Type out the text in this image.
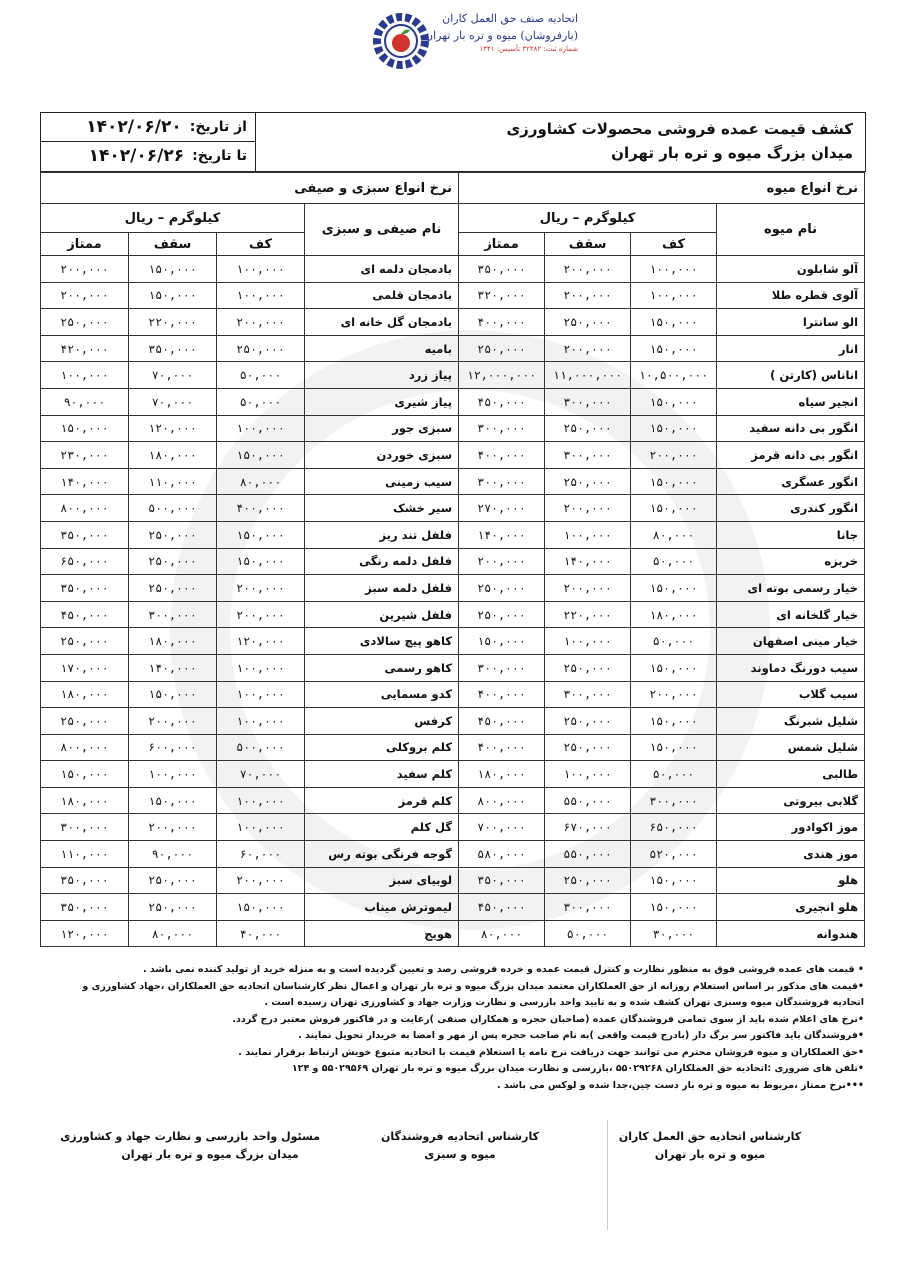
اتحادیه صنف حق العمل کاران
(بارفروشان) میوه و تره بار تهران
شماره ثبت: ۳۲۳۸۲ تأسیس: ۱۳۴۱
کشف قیمت عمده فروشی محصولات کشاورزی
میدان بزرگ میوه و تره بار تهران
از تاریخ:
۱۴۰۲/۰۶/۲۰
تا تاریخ:
۱۴۰۲/۰۶/۲۶
نرخ انواع میوه				نرخ انواع سبزی و صیفی			
نام میوه	کیلوگرم – ریال			نام صیفی و سبزی	کیلوگرم – ریال		
	کف	سقف	ممتاز		کف	سقف	ممتاز
آلو شابلون	۱۰۰,۰۰۰	۲۰۰,۰۰۰	۳۵۰,۰۰۰	بادمجان دلمه ای	۱۰۰,۰۰۰	۱۵۰,۰۰۰	۲۰۰,۰۰۰
آلوی قطره طلا	۱۰۰,۰۰۰	۲۰۰,۰۰۰	۳۲۰,۰۰۰	بادمجان قلمی	۱۰۰,۰۰۰	۱۵۰,۰۰۰	۲۰۰,۰۰۰
الو سانترا	۱۵۰,۰۰۰	۲۵۰,۰۰۰	۴۰۰,۰۰۰	بادمجان گل خانه ای	۲۰۰,۰۰۰	۲۲۰,۰۰۰	۲۵۰,۰۰۰
انار	۱۵۰,۰۰۰	۲۰۰,۰۰۰	۲۵۰,۰۰۰	بامیه	۲۵۰,۰۰۰	۳۵۰,۰۰۰	۴۲۰,۰۰۰
اناناس (کارتن )	۱۰,۵۰۰,۰۰۰	۱۱,۰۰۰,۰۰۰	۱۲,۰۰۰,۰۰۰	پیاز زرد	۵۰,۰۰۰	۷۰,۰۰۰	۱۰۰,۰۰۰
انجیر سیاه	۱۵۰,۰۰۰	۳۰۰,۰۰۰	۴۵۰,۰۰۰	پیاز شیری	۵۰,۰۰۰	۷۰,۰۰۰	۹۰,۰۰۰
انگور بی دانه سفید	۱۵۰,۰۰۰	۲۵۰,۰۰۰	۳۰۰,۰۰۰	سبزی جور	۱۰۰,۰۰۰	۱۲۰,۰۰۰	۱۵۰,۰۰۰
انگور بی دانه قرمز	۲۰۰,۰۰۰	۳۰۰,۰۰۰	۴۰۰,۰۰۰	سبزی خوردن	۱۵۰,۰۰۰	۱۸۰,۰۰۰	۲۳۰,۰۰۰
انگور عسگری	۱۵۰,۰۰۰	۲۵۰,۰۰۰	۳۰۰,۰۰۰	سیب زمینی	۸۰,۰۰۰	۱۱۰,۰۰۰	۱۴۰,۰۰۰
انگور کندری	۱۵۰,۰۰۰	۲۰۰,۰۰۰	۲۷۰,۰۰۰	سیر خشک	۴۰۰,۰۰۰	۵۰۰,۰۰۰	۸۰۰,۰۰۰
جانا	۸۰,۰۰۰	۱۰۰,۰۰۰	۱۴۰,۰۰۰	فلفل تند ریز	۱۵۰,۰۰۰	۲۵۰,۰۰۰	۳۵۰,۰۰۰
خربزه	۵۰,۰۰۰	۱۴۰,۰۰۰	۲۰۰,۰۰۰	فلفل دلمه رنگی	۱۵۰,۰۰۰	۲۵۰,۰۰۰	۶۵۰,۰۰۰
خیار رسمی بوته ای	۱۵۰,۰۰۰	۲۰۰,۰۰۰	۲۵۰,۰۰۰	فلفل دلمه سبز	۲۰۰,۰۰۰	۲۵۰,۰۰۰	۳۵۰,۰۰۰
خیار گلخانه ای	۱۸۰,۰۰۰	۲۲۰,۰۰۰	۲۵۰,۰۰۰	فلفل شیرین	۲۰۰,۰۰۰	۳۰۰,۰۰۰	۴۵۰,۰۰۰
خیار مینی اصفهان	۵۰,۰۰۰	۱۰۰,۰۰۰	۱۵۰,۰۰۰	کاهو پیچ سالادی	۱۲۰,۰۰۰	۱۸۰,۰۰۰	۲۵۰,۰۰۰
سیب دورنگ دماوند	۱۵۰,۰۰۰	۲۵۰,۰۰۰	۳۰۰,۰۰۰	کاهو رسمی	۱۰۰,۰۰۰	۱۴۰,۰۰۰	۱۷۰,۰۰۰
سیب گلاب	۲۰۰,۰۰۰	۳۰۰,۰۰۰	۴۰۰,۰۰۰	کدو مسمایی	۱۰۰,۰۰۰	۱۵۰,۰۰۰	۱۸۰,۰۰۰
شلیل شبرنگ	۱۵۰,۰۰۰	۲۵۰,۰۰۰	۴۵۰,۰۰۰	کرفس	۱۰۰,۰۰۰	۲۰۰,۰۰۰	۲۵۰,۰۰۰
شلیل شمس	۱۵۰,۰۰۰	۲۵۰,۰۰۰	۴۰۰,۰۰۰	کلم بروکلی	۵۰۰,۰۰۰	۶۰۰,۰۰۰	۸۰۰,۰۰۰
طالبی	۵۰,۰۰۰	۱۰۰,۰۰۰	۱۸۰,۰۰۰	کلم سفید	۷۰,۰۰۰	۱۰۰,۰۰۰	۱۵۰,۰۰۰
گلابی بیروتی	۳۰۰,۰۰۰	۵۵۰,۰۰۰	۸۰۰,۰۰۰	کلم قرمز	۱۰۰,۰۰۰	۱۵۰,۰۰۰	۱۸۰,۰۰۰
موز اکوادور	۶۵۰,۰۰۰	۶۷۰,۰۰۰	۷۰۰,۰۰۰	گل کلم	۱۰۰,۰۰۰	۲۰۰,۰۰۰	۳۰۰,۰۰۰
موز هندی	۵۲۰,۰۰۰	۵۵۰,۰۰۰	۵۸۰,۰۰۰	گوجه فرنگی بوته رس	۶۰,۰۰۰	۹۰,۰۰۰	۱۱۰,۰۰۰
هلو	۱۵۰,۰۰۰	۲۵۰,۰۰۰	۳۵۰,۰۰۰	لوبیای سبز	۲۰۰,۰۰۰	۲۵۰,۰۰۰	۳۵۰,۰۰۰
هلو انجیری	۱۵۰,۰۰۰	۳۰۰,۰۰۰	۴۵۰,۰۰۰	لیموترش میناب	۱۵۰,۰۰۰	۲۵۰,۰۰۰	۳۵۰,۰۰۰
هندوانه	۳۰,۰۰۰	۵۰,۰۰۰	۸۰,۰۰۰	هویج	۴۰,۰۰۰	۸۰,۰۰۰	۱۲۰,۰۰۰
• قیمت های عمده فروشی فوق به منظور نظارت و کنترل قیمت عمده و خرده فروشی رصد و تعیین گردیده است و به منزله خرید از تولید کننده نمی باشد .
•قیمت های مذکور بر اساس استعلام روزانه از حق العملکاران معتمد میدان بزرگ میوه و تره بار تهران و اعمال نظر کارشناسان اتحادیه حق العملکاران ،جهاد کشاورزی و
اتحادیه فروشندگان میوه وسبزی تهران کشف شده و به تایید واحد بازرسی و نظارت وزارت جهاد و کشاورزی تهران رسیده است .
•نرخ های اعلام شده باید از سوی تمامی فروشندگان عمده (صاحبان حجره و همکاران صنفی )رعایت و در فاکتور فروش معتبر درج گردد.
•فروشندگان باید فاکتور سر برگ دار (بادرج قیمت واقعی )به نام صاحب حجره پس از مهر و امضا به خریدار تحویل نمایند .
•حق العملکاران و میوه فروشان محترم می توانند جهت دریافت نرخ نامه یا استعلام قیمت با اتحادیه متبوع خویش ارتباط برقرار نمایند .
•تلفن های ضروری :اتحادیه حق العملکاران ۵۵۰۲۹۲۶۸ ،بازرسی و نظارت میدان بزرگ میوه و تره بار تهران ۵۵۰۲۹۵۶۹ و ۱۲۴
•••نرخ ممتاز ،مربوط به میوه و تره بار دست چین،جدا شده و لوکس می باشد .
کارشناس اتحادیه حق العمل کاران
میوه و تره بار تهران
کارشناس اتحادیه فروشندگان
میوه و سبزی
مسئول واحد بازرسی و نظارت جهاد و کشاورزی
میدان بزرگ میوه و تره بار تهران
